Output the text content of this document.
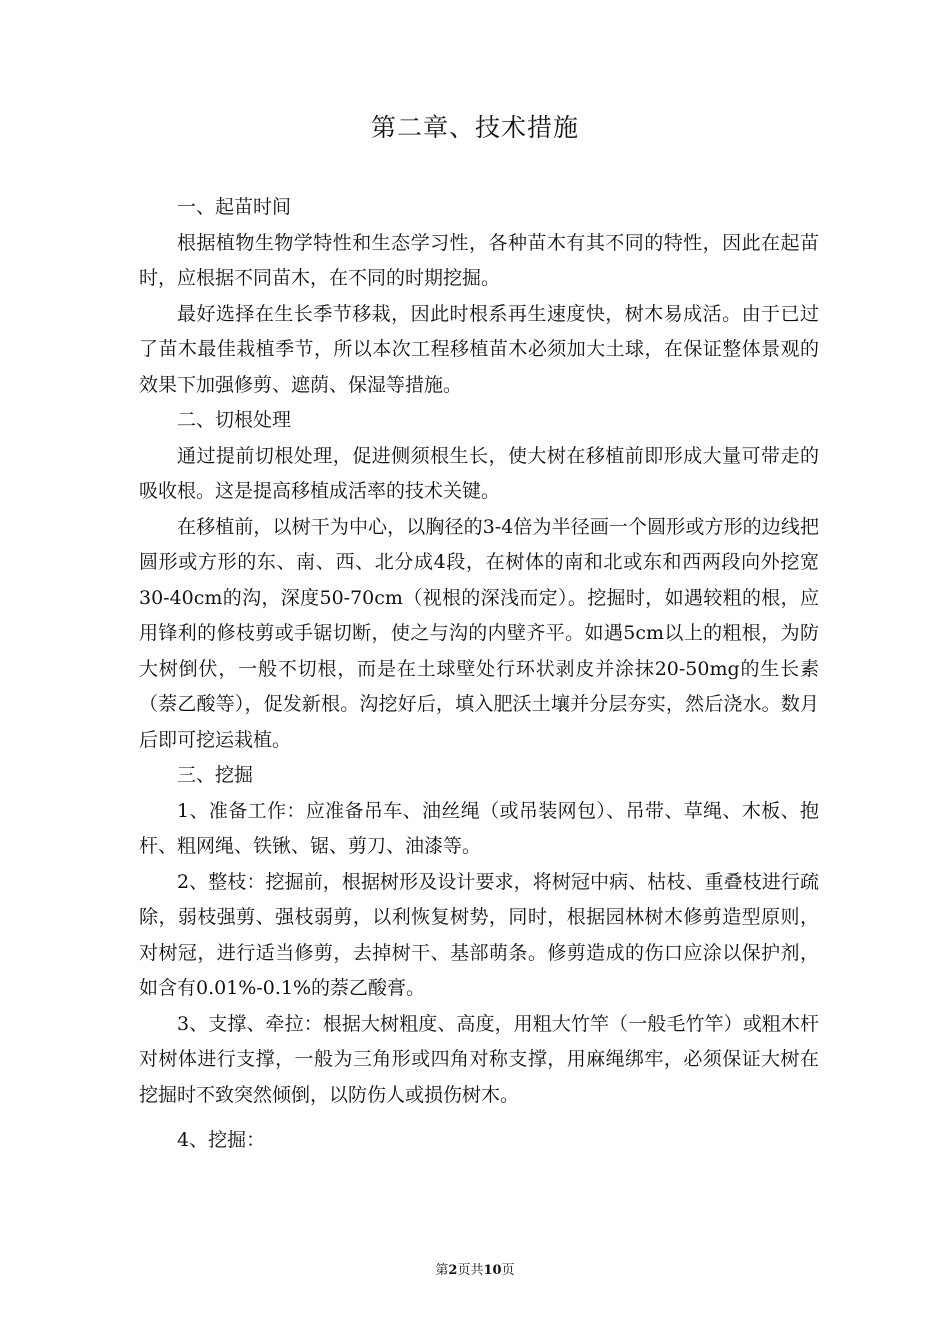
第二章、技术措施

一、起苗时间

根据植物生物学特性和生态学习性，各种苗木有其不同的特性，因此在起苗时，应根据不同苗木，在不同的时期挖掘。

最好选择在生长季节移栽，因此时根系再生速度快，树木易成活。由于已过了苗木最佳栽植季节，所以本次工程移植苗木必须加大土球，在保证整体景观的效果下加强修剪、遮荫、保湿等措施。

二、切根处理

通过提前切根处理，促进侧须根生长，使大树在移植前即形成大量可带走的吸收根。这是提高移植成活率的技术关键。

在移植前，以树干为中心，以胸径的3-4倍为半径画一个圆形或方形的边线把圆形或方形的东、南、西、北分成4段，在树体的南和北或东和西两段向外挖宽30-40cm的沟，深度50-70cm（视根的深浅而定）。挖掘时，如遇较粗的根，应用锋利的修枝剪或手锯切断，使之与沟的内壁齐平。如遇5cm以上的粗根，为防大树倒伏，一般不切根，而是在土球壁处行环状剥皮并涂抹20-50mg的生长素（萘乙酸等），促发新根。沟挖好后，填入肥沃土壤并分层夯实，然后浇水。数月后即可挖运栽植。

三、挖掘

1、准备工作：应准备吊车、油丝绳（或吊装网包）、吊带、草绳、木板、抱杆、粗网绳、铁锹、锯、剪刀、油漆等。

2、整枝：挖掘前，根据树形及设计要求，将树冠中病、枯枝、重叠枝进行疏除，弱枝强剪、强枝弱剪，以利恢复树势，同时，根据园林树木修剪造型原则，对树冠，进行适当修剪，去掉树干、基部萌条。修剪造成的伤口应涂以保护剂，如含有0.01%-0.1%的萘乙酸膏。

3、支撑、牵拉：根据大树粗度、高度，用粗大竹竿（一般毛竹竿）或粗木杆对树体进行支撑，一般为三角形或四角对称支撑，用麻绳绑牢，必须保证大树在挖掘时不致突然倾倒，以防伤人或损伤树木。

4、挖掘：

第2页共10页
